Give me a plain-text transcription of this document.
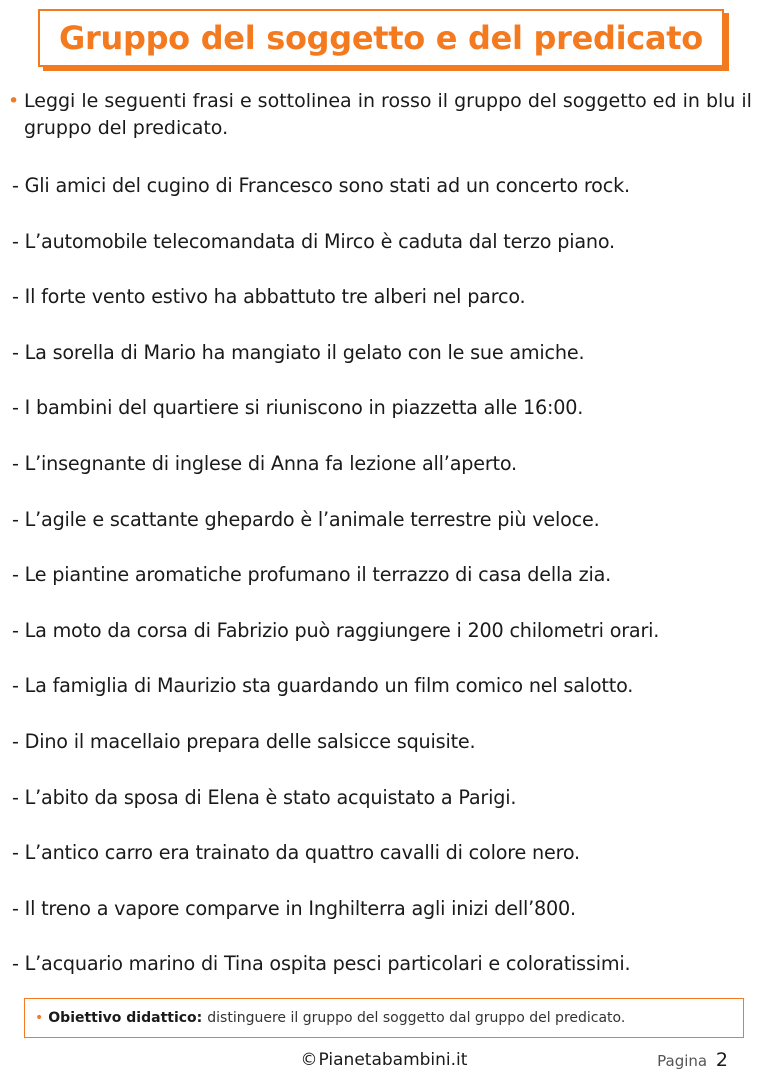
Gruppo del soggetto e del predicato
• Leggi le seguenti frasi e sottolinea in rosso il gruppo del soggetto ed in blu il gruppo del predicato.
- Gli amici del cugino di Francesco sono stati ad un concerto rock.
- L’automobile telecomandata di Mirco è caduta dal terzo piano.
- Il forte vento estivo ha abbattuto tre alberi nel parco.
- La sorella di Mario ha mangiato il gelato con le sue amiche.
- I bambini del quartiere si riuniscono in piazzetta alle 16:00.
- L’insegnante di inglese di Anna fa lezione all’aperto.
- L’agile e scattante ghepardo è l’animale terrestre più veloce.
- Le piantine aromatiche profumano il terrazzo di casa della zia.
- La moto da corsa di Fabrizio può raggiungere i 200 chilometri orari.
- La famiglia di Maurizio sta guardando un film comico nel salotto.
- Dino il macellaio prepara delle salsicce squisite.
- L’abito da sposa di Elena è stato acquistato a Parigi.
- L’antico carro era trainato da quattro cavalli di colore nero.
- Il treno a vapore comparve in Inghilterra agli inizi dell’800.
- L’acquario marino di Tina ospita pesci particolari e coloratissimi.
• Obiettivo didattico: distinguere il gruppo del soggetto dal gruppo del predicato.
©Pianetabambini.it	Pagina 2
